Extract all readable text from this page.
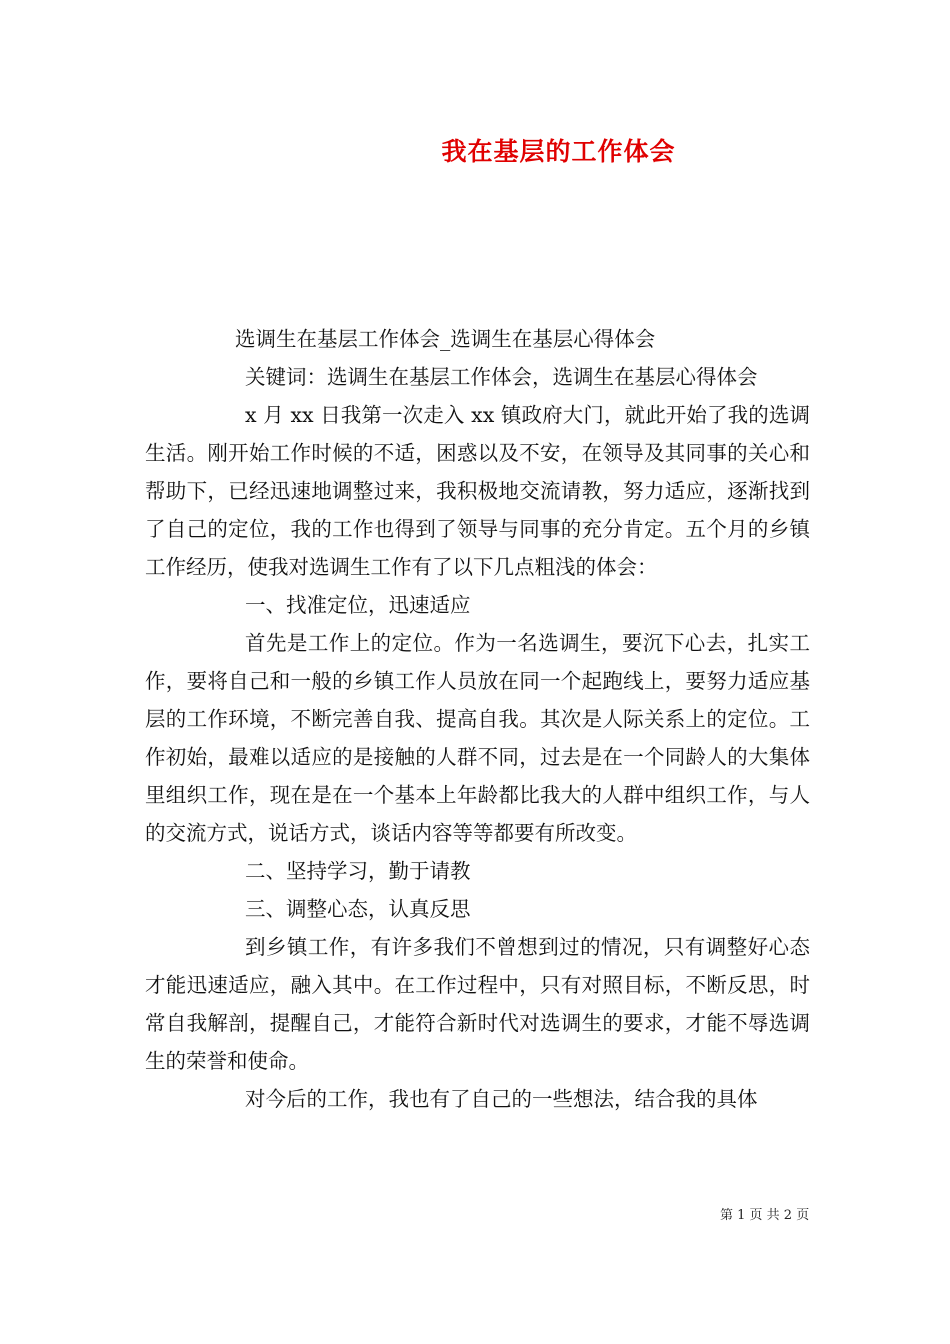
我在基层的工作体会

选调生在基层工作体会_选调生在基层心得体会

关键词：选调生在基层工作体会，选调生在基层心得体会

x 月 xx 日我第一次走入 xx 镇政府大门，就此开始了我的选调生活。刚开始工作时候的不适，困惑以及不安，在领导及其同事的关心和帮助下，已经迅速地调整过来，我积极地交流请教，努力适应，逐渐找到了自己的定位，我的工作也得到了领导与同事的充分肯定。五个月的乡镇工作经历，使我对选调生工作有了以下几点粗浅的体会：

一、找准定位，迅速适应

首先是工作上的定位。作为一名选调生，要沉下心去，扎实工作，要将自己和一般的乡镇工作人员放在同一个起跑线上，要努力适应基层的工作环境，不断完善自我、提高自我。其次是人际关系上的定位。工作初始，最难以适应的是接触的人群不同，过去是在一个同龄人的大集体里组织工作，现在是在一个基本上年龄都比我大的人群中组织工作，与人的交流方式，说话方式，谈话内容等等都要有所改变。

二、坚持学习，勤于请教

三、调整心态，认真反思

到乡镇工作，有许多我们不曾想到过的情况，只有调整好心态才能迅速适应，融入其中。在工作过程中，只有对照目标，不断反思，时常自我解剖，提醒自己，才能符合新时代对选调生的要求，才能不辱选调生的荣誉和使命。

对今后的工作，我也有了自己的一些想法，结合我的具体

第 1 页 共 2 页
